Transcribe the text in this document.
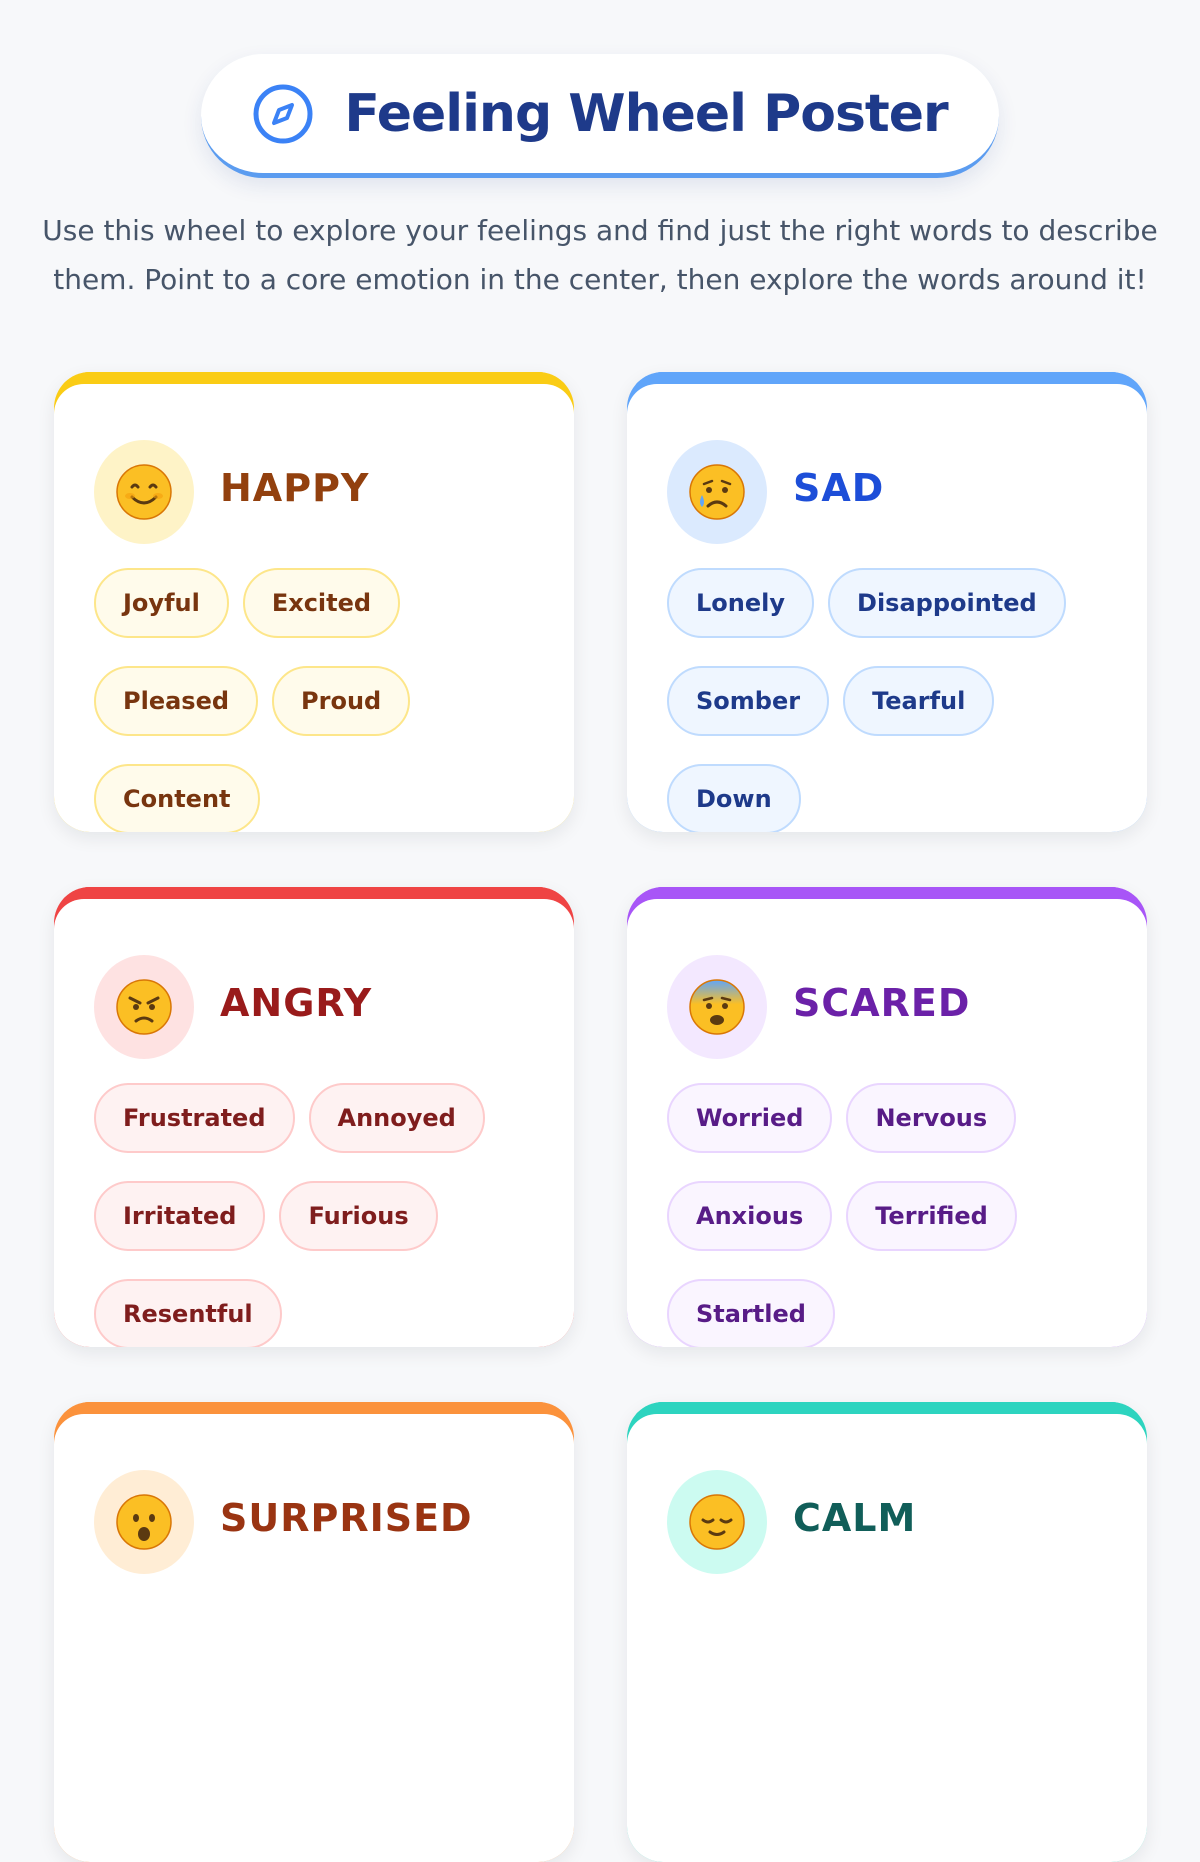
Feeling Wheel Poster

Use this wheel to explore your feelings and find just the right words to describe them. Point to a core emotion in the center, then explore the words around it!

HAPPY
Joyful	Excited
Pleased	Proud
Content
SAD
Lonely	Disappointed
Somber	Tearful
Down
ANGRY
Frustrated	Annoyed
Irritated	Furious
Resentful
SCARED
Worried	Nervous
Anxious	Terrified
Startled
SURPRISED	CALM
